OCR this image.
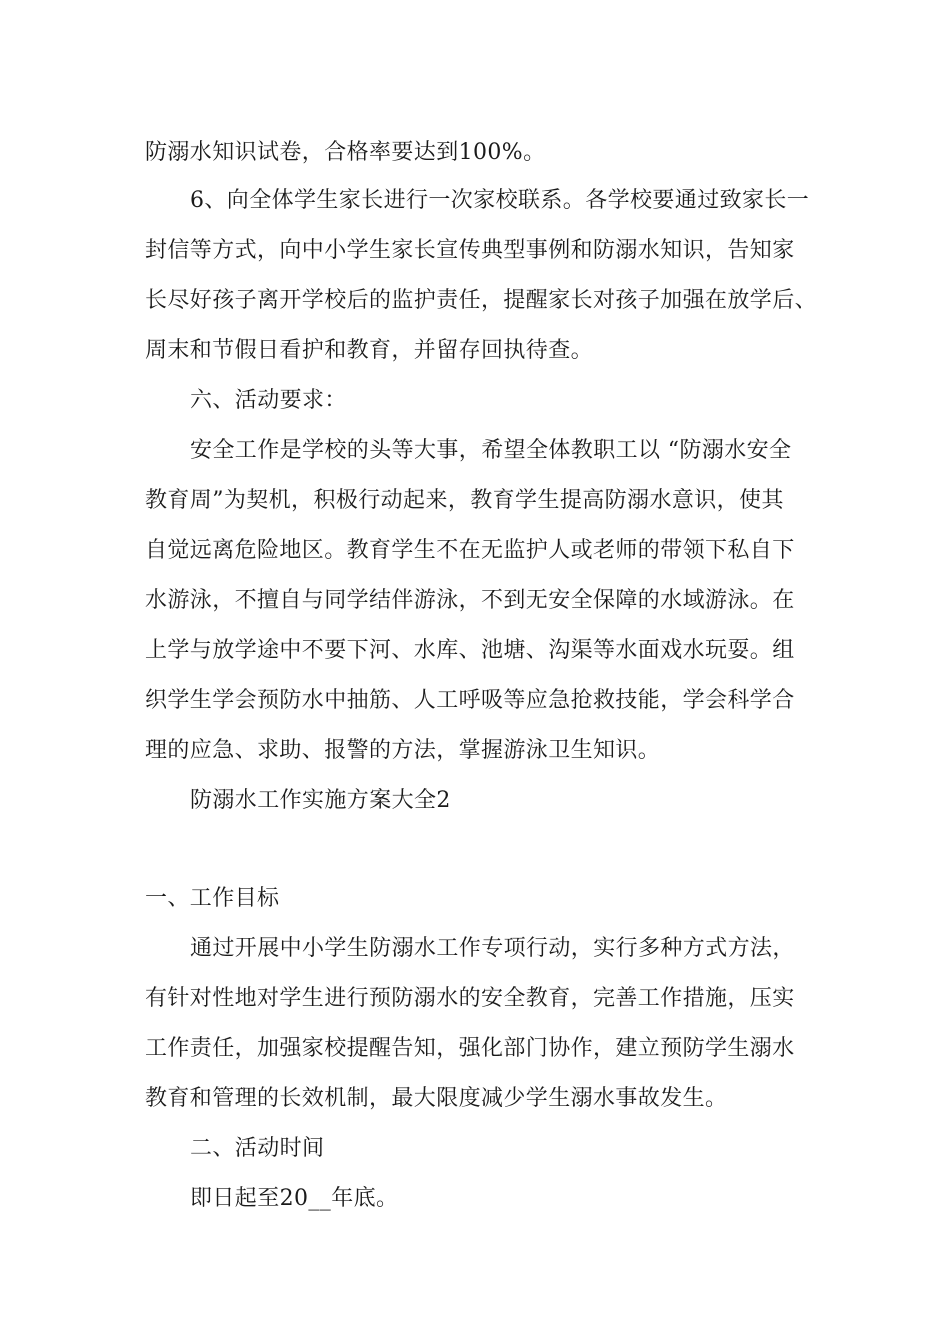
防溺水知识试卷，合格率要达到100%。
6、向全体学生家长进行一次家校联系。各学校要通过致家长一
封信等方式，向中小学生家长宣传典型事例和防溺水知识，告知家
长尽好孩子离开学校后的监护责任，提醒家长对孩子加强在放学后、
周末和节假日看护和教育，并留存回执待查。
六、活动要求：
安全工作是学校的头等大事，希望全体教职工以 “防溺水安全
教育周”为契机，积极行动起来，教育学生提高防溺水意识，使其
自觉远离危险地区。教育学生不在无监护人或老师的带领下私自下
水游泳，不擅自与同学结伴游泳，不到无安全保障的水域游泳。在
上学与放学途中不要下河、水库、池塘、沟渠等水面戏水玩耍。组
织学生学会预防水中抽筋、人工呼吸等应急抢救技能，学会科学合
理的应急、求助、报警的方法，掌握游泳卫生知识。
防溺水工作实施方案大全2
一、工作目标
通过开展中小学生防溺水工作专项行动，实行多种方式方法，
有针对性地对学生进行预防溺水的安全教育，完善工作措施，压实
工作责任，加强家校提醒告知，强化部门协作，建立预防学生溺水
教育和管理的长效机制，最大限度减少学生溺水事故发生。
二、活动时间
即日起至20__年底。
